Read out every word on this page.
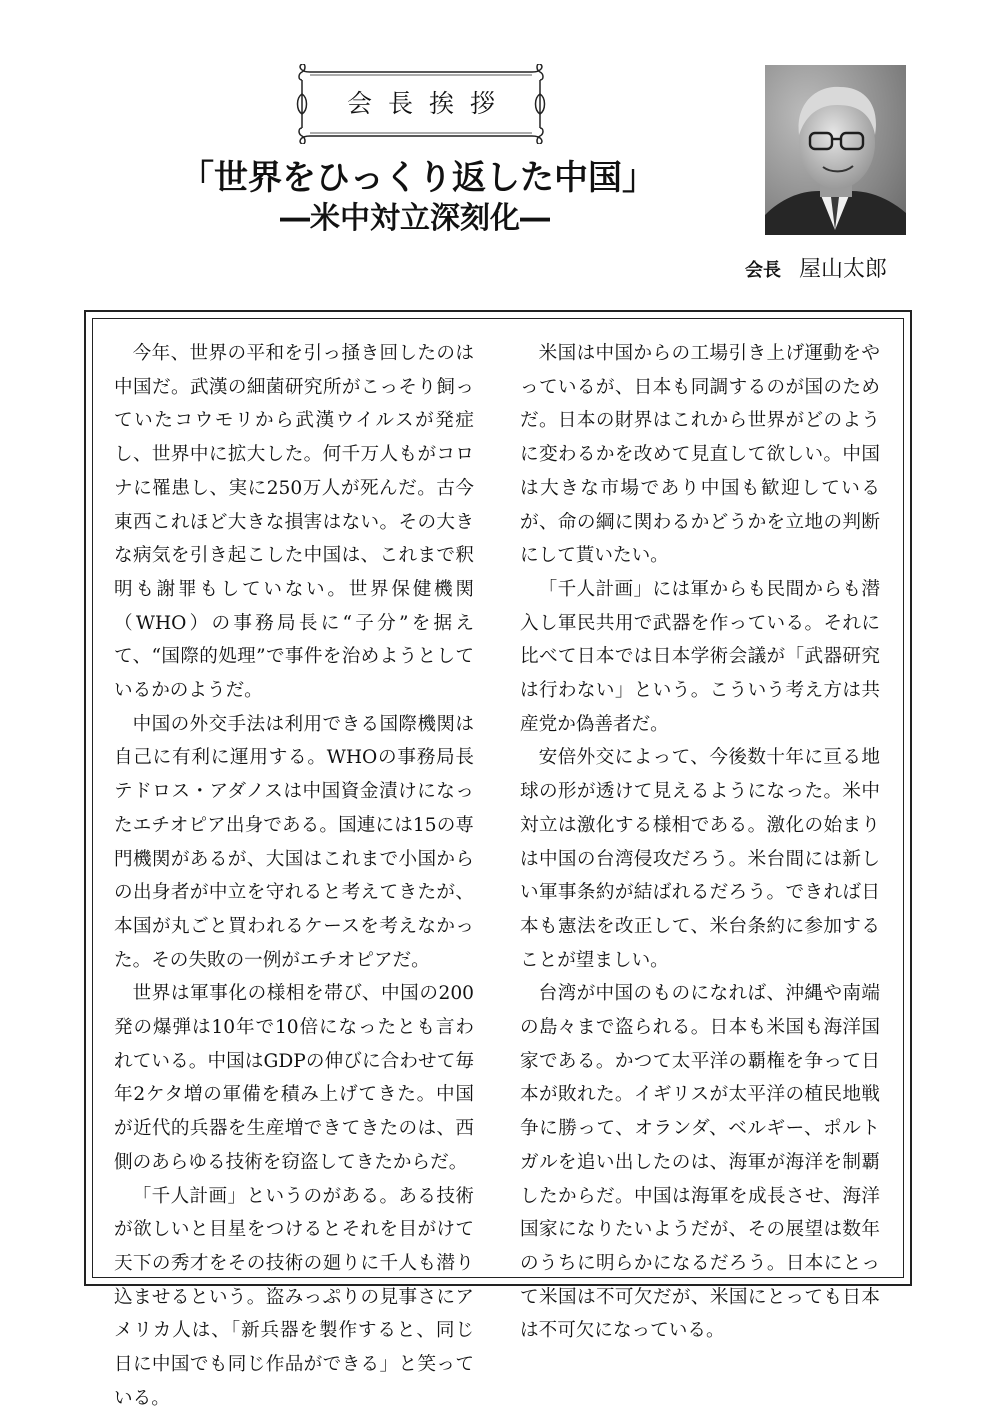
会長挨拶
「世界をひっくり返した中国」
―米中対立深刻化―
会長 屋山太郎

今年、世界の平和を引っ掻き回したのは中国だ。武漢の細菌研究所がこっそり飼っていたコウモリから武漢ウイルスが発症し、世界中に拡大した。何千万人もがコロナに罹患し、実に250万人が死んだ。古今東西これほど大きな損害はない。その大きな病気を引き起こした中国は、これまで釈明も謝罪もしていない。世界保健機関（WHO）の事務局長に“子分”を据えて、“国際的処理”で事件を治めようとしているかのようだ。

中国の外交手法は利用できる国際機関は自己に有利に運用する。WHOの事務局長テドロス・アダノスは中国資金漬けになったエチオピア出身である。国連には15の専門機関があるが、大国はこれまで小国からの出身者が中立を守れると考えてきたが、本国が丸ごと買われるケースを考えなかった。その失敗の一例がエチオピアだ。

世界は軍事化の様相を帯び、中国の200発の爆弾は10年で10倍になったとも言われている。中国はGDPの伸びに合わせて毎年2ケタ増の軍備を積み上げてきた。中国が近代的兵器を生産増できてきたのは、西側のあらゆる技術を窃盗してきたからだ。

「千人計画」というのがある。ある技術が欲しいと目星をつけるとそれを目がけて天下の秀才をその技術の廻りに千人も潜り込ませるという。盗みっぷりの見事さにアメリカ人は、「新兵器を製作すると、同じ日に中国でも同じ作品ができる」と笑っている。

米国は中国からの工場引き上げ運動をやっているが、日本も同調するのが国のためだ。日本の財界はこれから世界がどのように変わるかを改めて見直して欲しい。中国は大きな市場であり中国も歓迎しているが、命の綱に関わるかどうかを立地の判断にして貰いたい。

「千人計画」には軍からも民間からも潜入し軍民共用で武器を作っている。それに比べて日本では日本学術会議が「武器研究は行わない」という。こういう考え方は共産党か偽善者だ。

安倍外交によって、今後数十年に亘る地球の形が透けて見えるようになった。米中対立は激化する様相である。激化の始まりは中国の台湾侵攻だろう。米台間には新しい軍事条約が結ばれるだろう。できれば日本も憲法を改正して、米台条約に参加することが望ましい。

台湾が中国のものになれば、沖縄や南端の島々まで盗られる。日本も米国も海洋国家である。かつて太平洋の覇権を争って日本が敗れた。イギリスが太平洋の植民地戦争に勝って、オランダ、ベルギー、ポルトガルを追い出したのは、海軍が海洋を制覇したからだ。中国は海軍を成長させ、海洋国家になりたいようだが、その展望は数年のうちに明らかになるだろう。日本にとって米国は不可欠だが、米国にとっても日本は不可欠になっている。
